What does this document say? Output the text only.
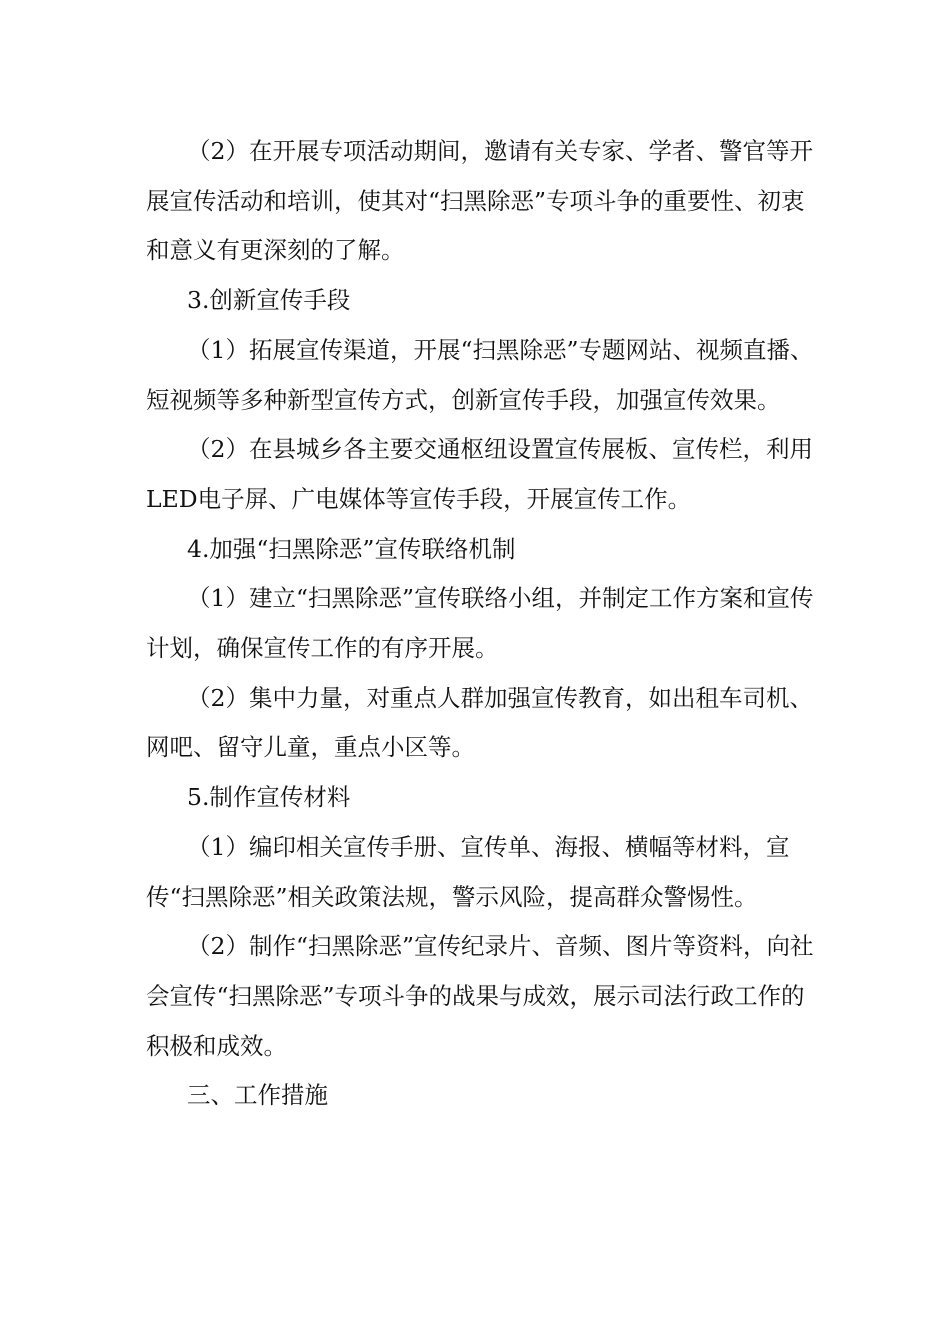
（2）在开展专项活动期间，邀请有关专家、学者、警官等开展宣传活动和培训，使其对“扫黑除恶”专项斗争的重要性、初衷和意义有更深刻的了解。

3.创新宣传手段

（1）拓展宣传渠道，开展“扫黑除恶”专题网站、视频直播、短视频等多种新型宣传方式，创新宣传手段，加强宣传效果。

（2）在县城乡各主要交通枢纽设置宣传展板、宣传栏，利用LED电子屏、广电媒体等宣传手段，开展宣传工作。

4.加强“扫黑除恶”宣传联络机制

（1）建立“扫黑除恶”宣传联络小组，并制定工作方案和宣传计划，确保宣传工作的有序开展。

（2）集中力量，对重点人群加强宣传教育，如出租车司机、网吧、留守儿童，重点小区等。

5.制作宣传材料

（1）编印相关宣传手册、宣传单、海报、横幅等材料，宣传“扫黑除恶”相关政策法规，警示风险，提高群众警惕性。

（2）制作“扫黑除恶”宣传纪录片、音频、图片等资料，向社会宣传“扫黑除恶”专项斗争的战果与成效，展示司法行政工作的积极和成效。

三、工作措施
